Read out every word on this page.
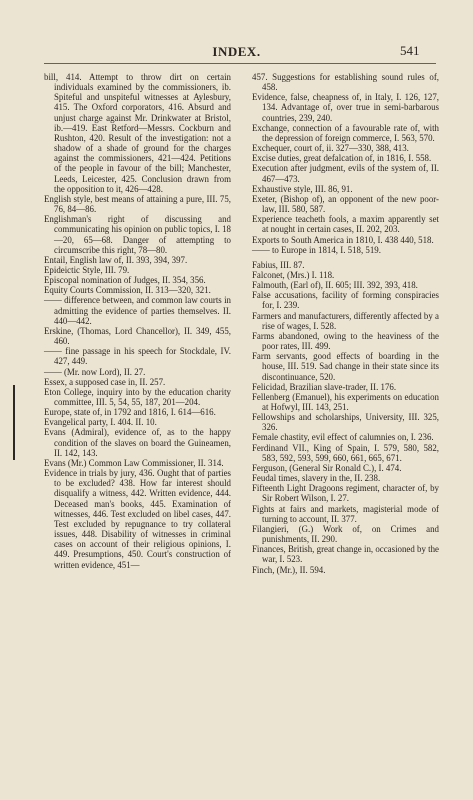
INDEX.	541
bill, 414. Attempt to throw dirt on certain individuals examined by the commissioners, ib. Spiteful and unspiteful witnesses at Aylesbury, 415. The Oxford corporators, 416. Absurd and unjust charge against Mr. Drinkwater at Bristol, ib.—419. East Retford—Messrs. Cockburn and Rushton, 420. Result of the investigation: not a shadow of a shade of ground for the charges against the commissioners, 421—424. Petitions of the people in favour of the bill; Manchester, Leeds, Leicester, 425. Conclusion drawn from the opposition to it, 426—428.
English style, best means of attaining a pure, III. 75, 76, 84—86.
Englishman's right of discussing and communicating his opinion on public topics, I. 18—20, 65—68. Danger of attempting to circumscribe this right, 78—80.
Entail, English law of, II. 393, 394, 397.
Epideictic Style, III. 79.
Episcopal nomination of Judges, II. 354, 356.
Equity Courts Commission, II. 313—320, 321.
—— difference between, and common law courts in admitting the evidence of parties themselves. II. 440—442.
Erskine, (Thomas, Lord Chancellor), II. 349, 455, 460.
—— fine passage in his speech for Stockdale, IV. 427, 449.
—— (Mr. now Lord), II. 27.
Essex, a supposed case in, II. 257.
Eton College, inquiry into by the education charity committee, III. 5, 54, 55, 187, 201—204.
Europe, state of, in 1792 and 1816, I. 614—616.
Evangelical party, I. 404. II. 10.
Evans (Admiral), evidence of, as to the happy condition of the slaves on board the Guineamen, II. 142, 143.
Evans (Mr.) Common Law Commissioner, II. 314.
Evidence in trials by jury, 436. Ought that of parties to be excluded? 438. How far interest should disqualify a witness, 442. Written evidence, 444. Deceased man's books, 445. Examination of witnesses, 446. Test excluded on libel cases, 447. Test excluded by repugnance to try collateral issues, 448. Disability of witnesses in criminal cases on account of their religious opinions, I. 449. Presumptions, 450. Court's construction of written evidence, 451—
457. Suggestions for establishing sound rules of, 458.
Evidence, false, cheapness of, in Italy, I. 126, 127, 134. Advantage of, over true in semi-barbarous countries, 239, 240.
Exchange, connection of a favourable rate of, with the depression of foreign commerce, I. 563, 570.
Exchequer, court of, ii. 327—330, 388, 413.
Excise duties, great defalcation of, in 1816, I. 558.
Execution after judgment, evils of the system of, II. 467—473.
Exhaustive style, III. 86, 91.
Exeter, (Bishop of), an opponent of the new poor-law, III. 580, 587.
Experience teacheth fools, a maxim apparently set at nought in certain cases, II. 202, 203.
Exports to South America in 1810, I. 438 440, 518.
—— to Europe in 1814, I. 518, 519.
Fabius, III. 87.
Falconet, (Mrs.) I. 118.
Falmouth, (Earl of), II. 605; III. 392, 393, 418.
False accusations, facility of forming conspiracies for, I. 239.
Farmers and manufacturers, differently affected by a rise of wages, I. 528.
Farms abandoned, owing to the heaviness of the poor rates, III. 499.
Farm servants, good effects of boarding in the house, III. 519. Sad change in their state since its discontinuance, 520.
Felicidad, Brazilian slave-trader, II. 176.
Fellenberg (Emanuel), his experiments on education at Hofwyl, III. 143, 251.
Fellowships and scholarships, University, III. 325, 326.
Female chastity, evil effect of calumnies on, I. 236.
Ferdinand VII., King of Spain, I. 579, 580, 582, 583, 592, 593, 599, 660, 661, 665, 671.
Ferguson, (General Sir Ronald C.), I. 474.
Feudal times, slavery in the, II. 238.
Fifteenth Light Dragoons regiment, character of, by Sir Robert Wilson, I. 27.
Fights at fairs and markets, magisterial mode of turning to account, II. 377.
Filangieri, (G.) Work of, on Crimes and punishments, II. 290.
Finances, British, great change in, occasioned by the war, I. 523.
Finch, (Mr.), II. 594.
